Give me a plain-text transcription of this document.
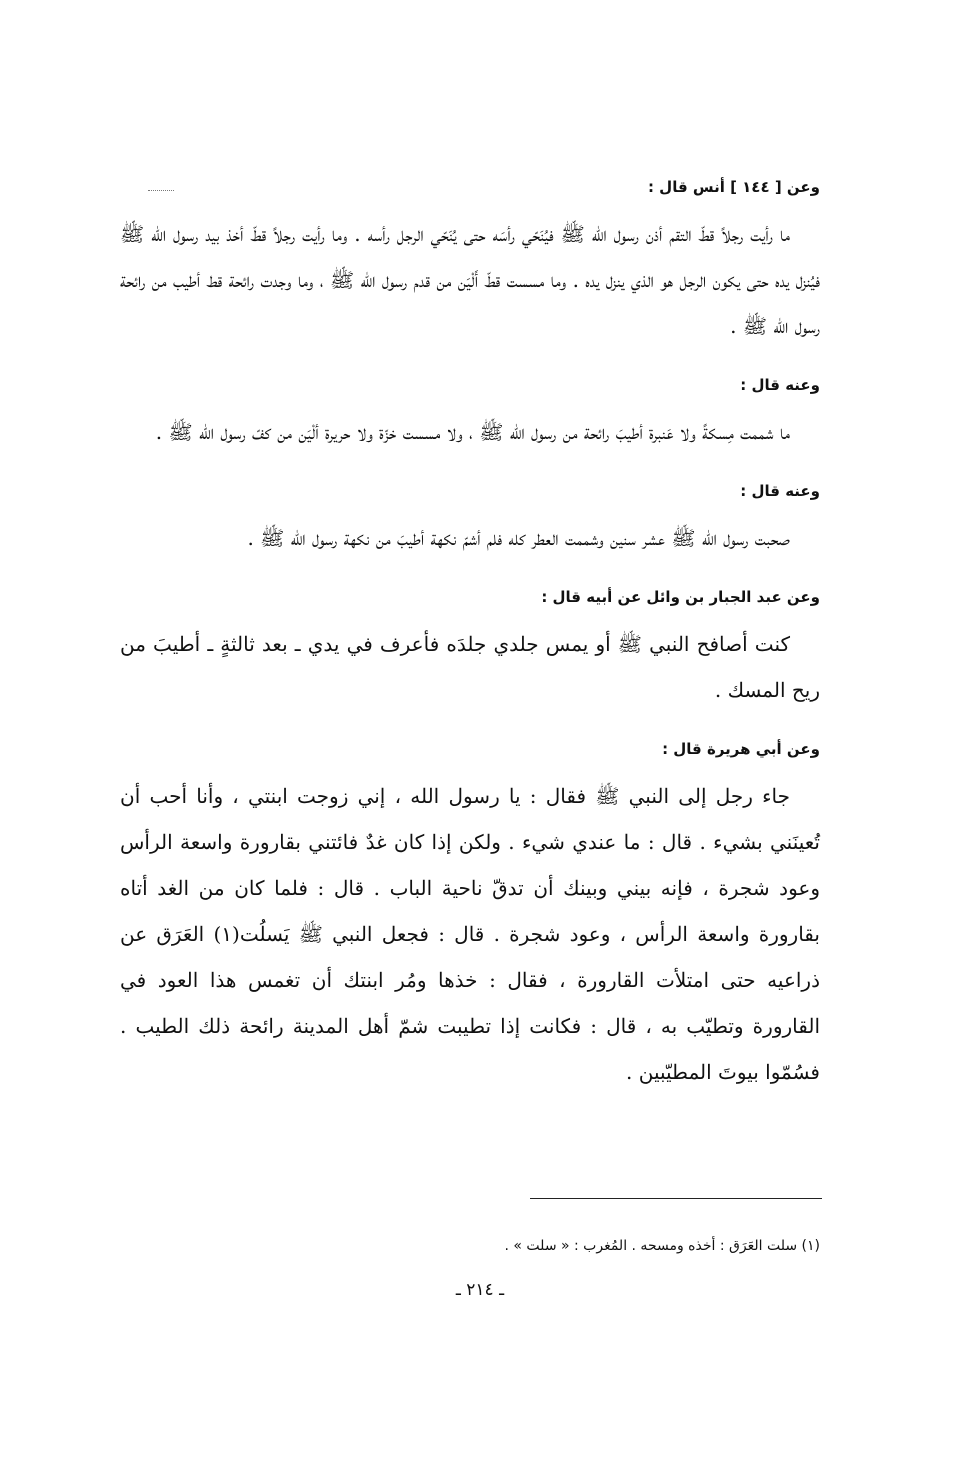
وعن [ ١٤٤ ] أنس قال :
ما رأيت رجلاً قطّ التقم أذن رسول الله ﷺ فيُنَحّي رأسَه حتى يُنَحّي الرجل رأسه . وما رأيت رجلاً قطّ أخذ بيد رسول الله ﷺ فيُنزل يده حتى يكون الرجل هو الذي ينزل يده . وما مسست قطّ أَلْيَن من قدم رسول الله ﷺ ، وما وجدت رائحة قط أطيب من رائحة رسول الله ﷺ .
وعنه قال :
ما شممت مِسكةً ولا عَنبرة أطيبَ رائحة من رسول الله ﷺ ، ولا مسست خزّة ولا حريرة ألْيَن من كفّ رسول الله ﷺ .
وعنه قال :
صحبت رسول الله ﷺ عشر سنين وشممت العطر كله فلم أشمّ نكهة أطيبَ من نكهة رسول الله ﷺ .
وعن عبد الجبار بن وائل عن أبيه قال :
كنت أصافح النبي ﷺ أو يمس جلدي جلدَه فأعرف في يدي ـ بعد ثالثةٍ ـ أطيبَ من ريح المسك .
وعن أبي هريرة قال :
جاء رجل إلى النبي ﷺ فقال : يا رسول الله ، إني زوجت ابنتي ، وأنا أحب أن تُعينَني بشيء . قال : ما عندي شيء . ولكن إذا كان غدٌ فائتني بقارورة واسعة الرأس وعود شجرة ، فإنه بيني وبينك أن تدقّ ناحية الباب . قال : فلما كان من الغد أتاه بقارورة واسعة الرأس ، وعود شجرة . قال : فجعل النبي ﷺ يَسلُت(١) العَرَق عن ذراعيه حتى امتلأت القارورة ، فقال : خذها ومُر ابنتك أن تغمس هذا العود في القارورة وتطيّب به ، قال : فكانت إذا تطيبت شمّ أهل المدينة رائحة ذلك الطيب . فسُمّوا بيوتَ المطيّبين .
(١) سلت العَرَق : أخذه ومسحه . المُغرب : « سلت » .
ـ ٢١٤ ـ
